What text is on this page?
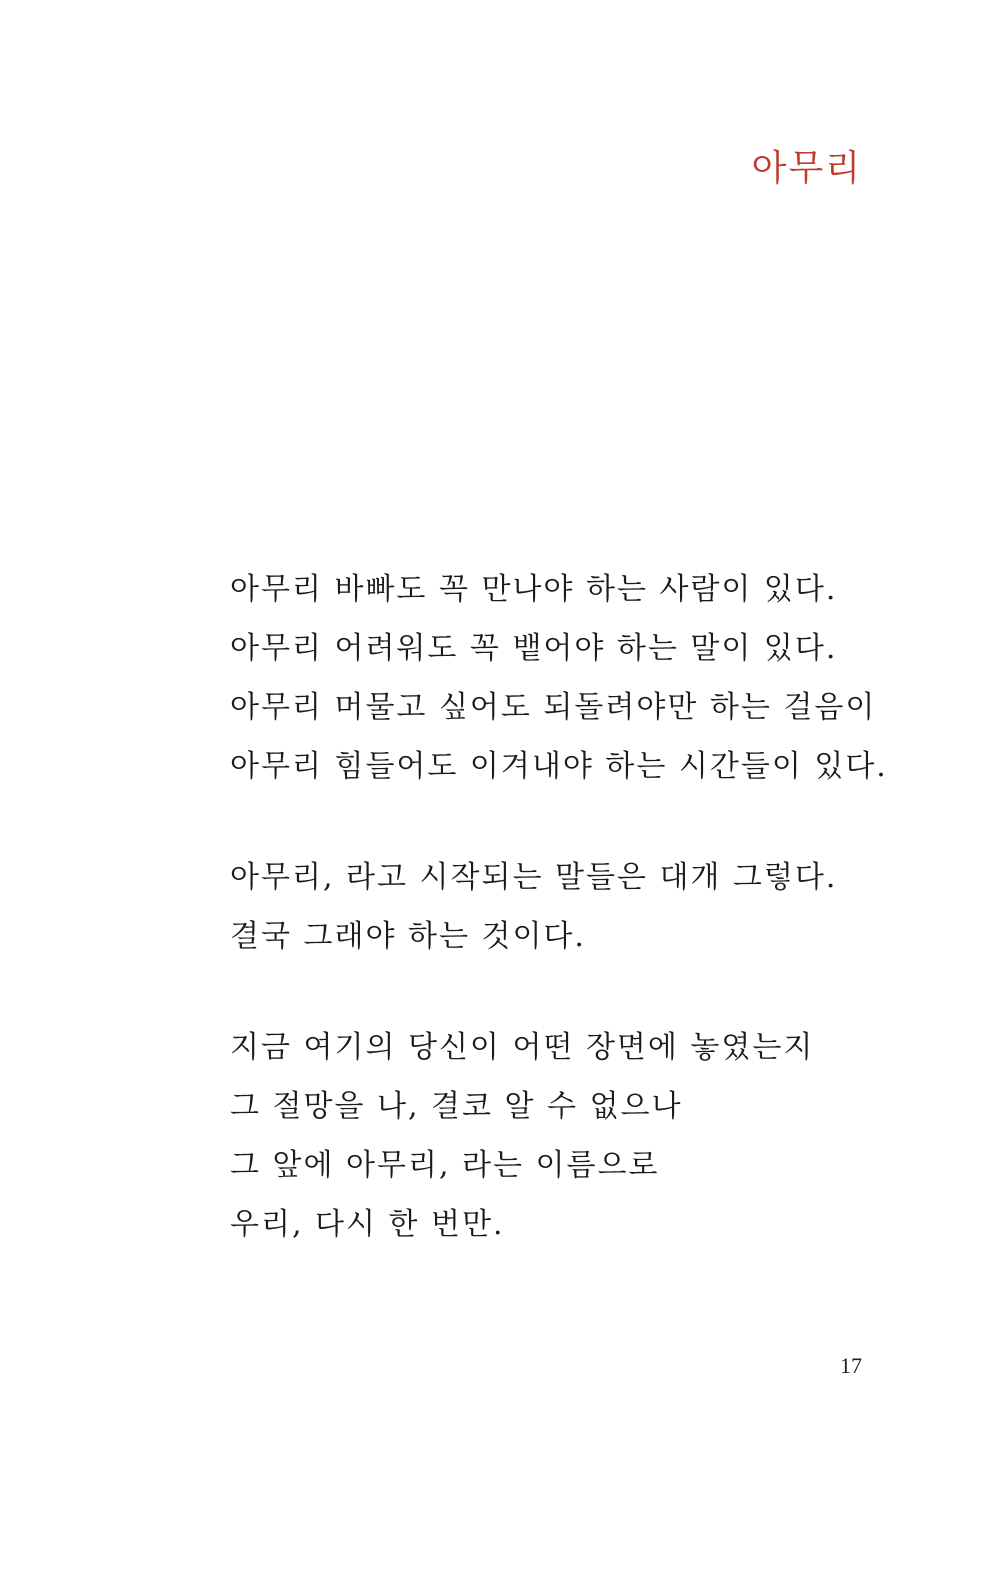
아무리
아무리 바빠도 꼭 만나야 하는 사람이 있다.
아무리 어려워도 꼭 뱉어야 하는 말이 있다.
아무리 머물고 싶어도 되돌려야만 하는 걸음이
아무리 힘들어도 이겨내야 하는 시간들이 있다.
아무리, 라고 시작되는 말들은 대개 그렇다.
결국 그래야 하는 것이다.
지금 여기의 당신이 어떤 장면에 놓였는지
그 절망을 나, 결코 알 수 없으나
그 앞에 아무리, 라는 이름으로
우리, 다시 한 번만.
17
